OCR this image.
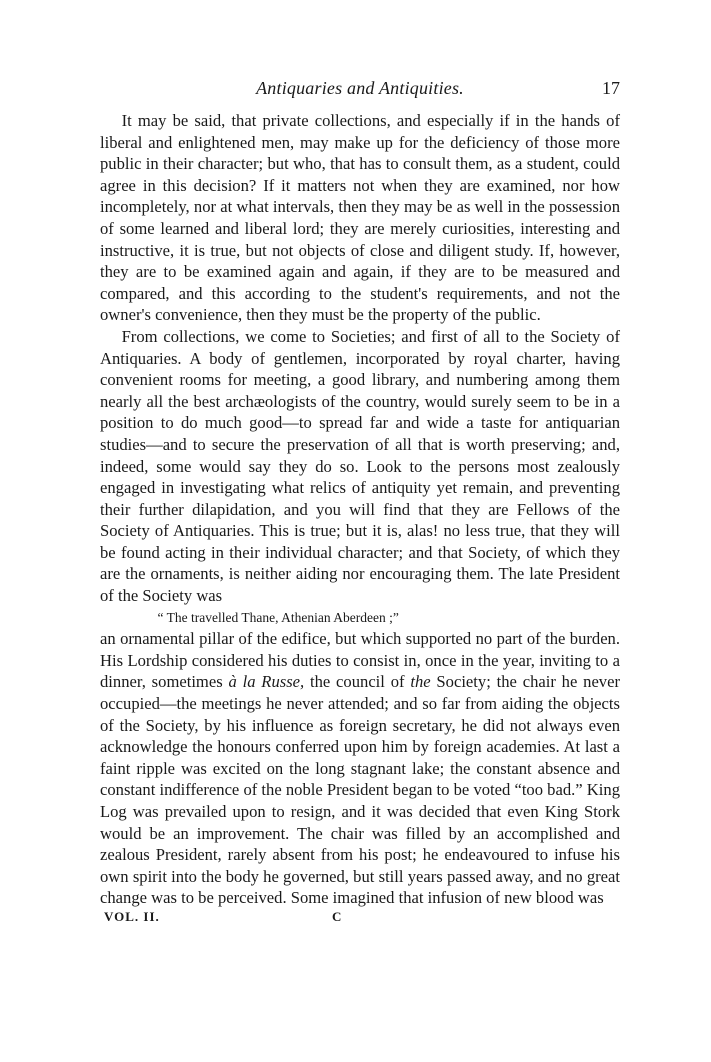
Antiquaries and Antiquities.	17

It may be said, that private collections, and especially if in the hands of liberal and enlightened men, may make up for the deficiency of those more public in their character; but who, that has to consult them, as a student, could agree in this decision? If it matters not when they are examined, nor how incompletely, nor at what intervals, then they may be as well in the possession of some learned and liberal lord; they are merely curiosities, interesting and instructive, it is true, but not objects of close and diligent study. If, however, they are to be examined again and again, if they are to be measured and compared, and this according to the student's requirements, and not the owner's convenience, then they must be the property of the public.

From collections, we come to Societies; and first of all to the Society of Antiquaries. A body of gentlemen, incorporated by royal charter, having convenient rooms for meeting, a good library, and numbering among them nearly all the best archæologists of the country, would surely seem to be in a position to do much good—to spread far and wide a taste for antiquarian studies—and to secure the preservation of all that is worth preserving; and, indeed, some would say they do so. Look to the persons most zealously engaged in investigating what relics of antiquity yet remain, and preventing their further dilapidation, and you will find that they are Fellows of the Society of Antiquaries. This is true; but it is, alas! no less true, that they will be found acting in their individual character; and that Society, of which they are the ornaments, is neither aiding nor encouraging them. The late President of the Society was

“ The travelled Thane, Athenian Aberdeen ;”

an ornamental pillar of the edifice, but which supported no part of the burden. His Lordship considered his duties to consist in, once in the year, inviting to a dinner, sometimes à la Russe, the council of the Society; the chair he never occupied—the meetings he never attended; and so far from aiding the objects of the Society, by his influence as foreign secretary, he did not always even acknowledge the honours conferred upon him by foreign academies. At last a faint ripple was excited on the long stagnant lake; the constant absence and constant indifference of the noble President began to be voted “too bad.” King Log was prevailed upon to resign, and it was decided that even King Stork would be an improvement. The chair was filled by an accomplished and zealous President, rarely absent from his post; he endeavoured to infuse his own spirit into the body he governed, but still years passed away, and no great change was to be perceived. Some imagined that infusion of new blood was

VOL. II.	C
